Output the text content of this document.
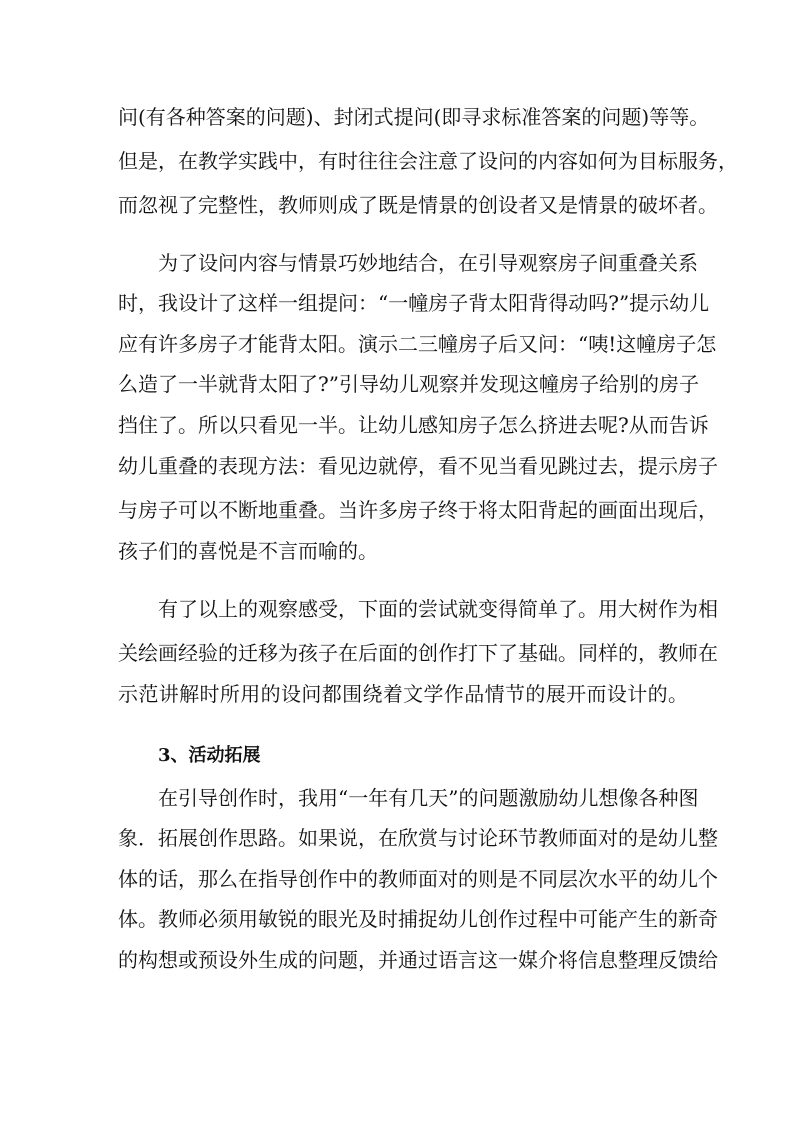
问(有各种答案的问题)、封闭式提问(即寻求标准答案的问题)等等。
但是，在教学实践中，有时往往会注意了设问的内容如何为目标服务，
而忽视了完整性，教师则成了既是情景的创设者又是情景的破坏者。
为了设问内容与情景巧妙地结合，在引导观察房子间重叠关系
时，我设计了这样一组提问：“一幢房子背太阳背得动吗?”提示幼儿
应有许多房子才能背太阳。演示二三幢房子后又问：“咦!这幢房子怎
么造了一半就背太阳了?”引导幼儿观察并发现这幢房子给别的房子
挡住了。所以只看见一半。让幼儿感知房子怎么挤进去呢?从而告诉
幼儿重叠的表现方法：看见边就停，看不见当看见跳过去，提示房子
与房子可以不断地重叠。当许多房子终于将太阳背起的画面出现后，
孩子们的喜悦是不言而喻的。
有了以上的观察感受，下面的尝试就变得简单了。用大树作为相
关绘画经验的迁移为孩子在后面的创作打下了基础。同样的，教师在
示范讲解时所用的设问都围绕着文学作品情节的展开而设计的。
3、活动拓展
在引导创作时，我用“一年有几天”的问题激励幼儿想像各种图
象．拓展创作思路。如果说，在欣赏与讨论环节教师面对的是幼儿整
体的话，那么在指导创作中的教师面对的则是不同层次水平的幼儿个
体。教师必须用敏锐的眼光及时捕捉幼儿创作过程中可能产生的新奇
的构想或预设外生成的问题，并通过语言这一媒介将信息整理反馈给
